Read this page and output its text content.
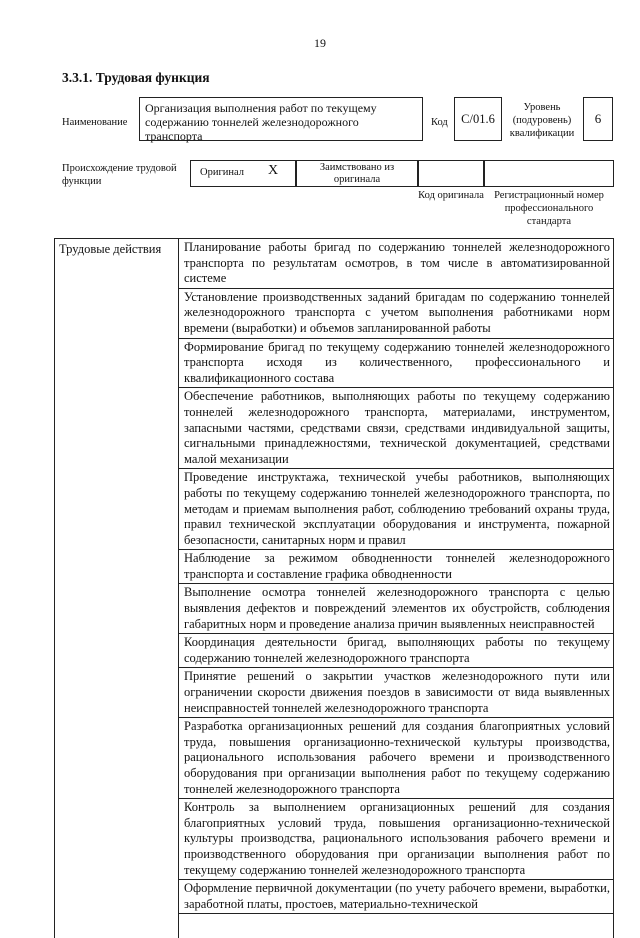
19
3.3.1. Трудовая функция
Наименование
Организация выполнения работ по текущему содержанию тоннелей железнодорожного транспорта
Код C/01.6
Уровень (подуровень) квалификации
6
Происхождение трудовой функции
Оригинал X	Заимствовано из оригинала
Код оригинала Регистрационный номер профессионального стандарта
Трудовые действия	Планирование работы бригад по содержанию тоннелей железнодорожного транспорта по результатам осмотров, в том числе в автоматизированной системе
Установление производственных заданий бригадам по содержанию тоннелей железнодорожного транспорта с учетом выполнения работниками норм времени (выработки) и объемов запланированной работы
Формирование бригад по текущему содержанию тоннелей железнодорожного транспорта исходя из количественного, профессионального и квалификационного состава
Обеспечение работников, выполняющих работы по текущему содержанию тоннелей железнодорожного транспорта, материалами, инструментом, запасными частями, средствами связи, средствами индивидуальной защиты, сигнальными принадлежностями, технической документацией, средствами малой механизации
Проведение инструктажа, технической учебы работников, выполняющих работы по текущему содержанию тоннелей железнодорожного транспорта, по методам и приемам выполнения работ, соблюдению требований охраны труда, правил технической эксплуатации оборудования и инструмента, пожарной безопасности, санитарных норм и правил
Наблюдение за режимом обводненности тоннелей железнодорожного транспорта и составление графика обводненности
Выполнение осмотра тоннелей железнодорожного транспорта с целью выявления дефектов и повреждений элементов их обустройств, соблюдения габаритных норм и проведение анализа причин выявленных неисправностей
Координация деятельности бригад, выполняющих работы по текущему содержанию тоннелей железнодорожного транспорта
Принятие решений о закрытии участков железнодорожного пути или ограничении скорости движения поездов в зависимости от вида выявленных неисправностей тоннелей железнодорожного транспорта
Разработка организационных решений для создания благоприятных условий труда, повышения организационно-технической культуры производства, рационального использования рабочего времени и производственного оборудования при организации выполнения работ по текущему содержанию тоннелей железнодорожного транспорта
Контроль за выполнением организационных решений для создания благоприятных условий труда, повышения организационно-технической культуры производства, рационального использования рабочего времени и производственного оборудования при организации выполнения работ по текущему содержанию тоннелей железнодорожного транспорта
Оформление первичной документации (по учету рабочего времени, выработки, заработной платы, простоев, материально-технической
